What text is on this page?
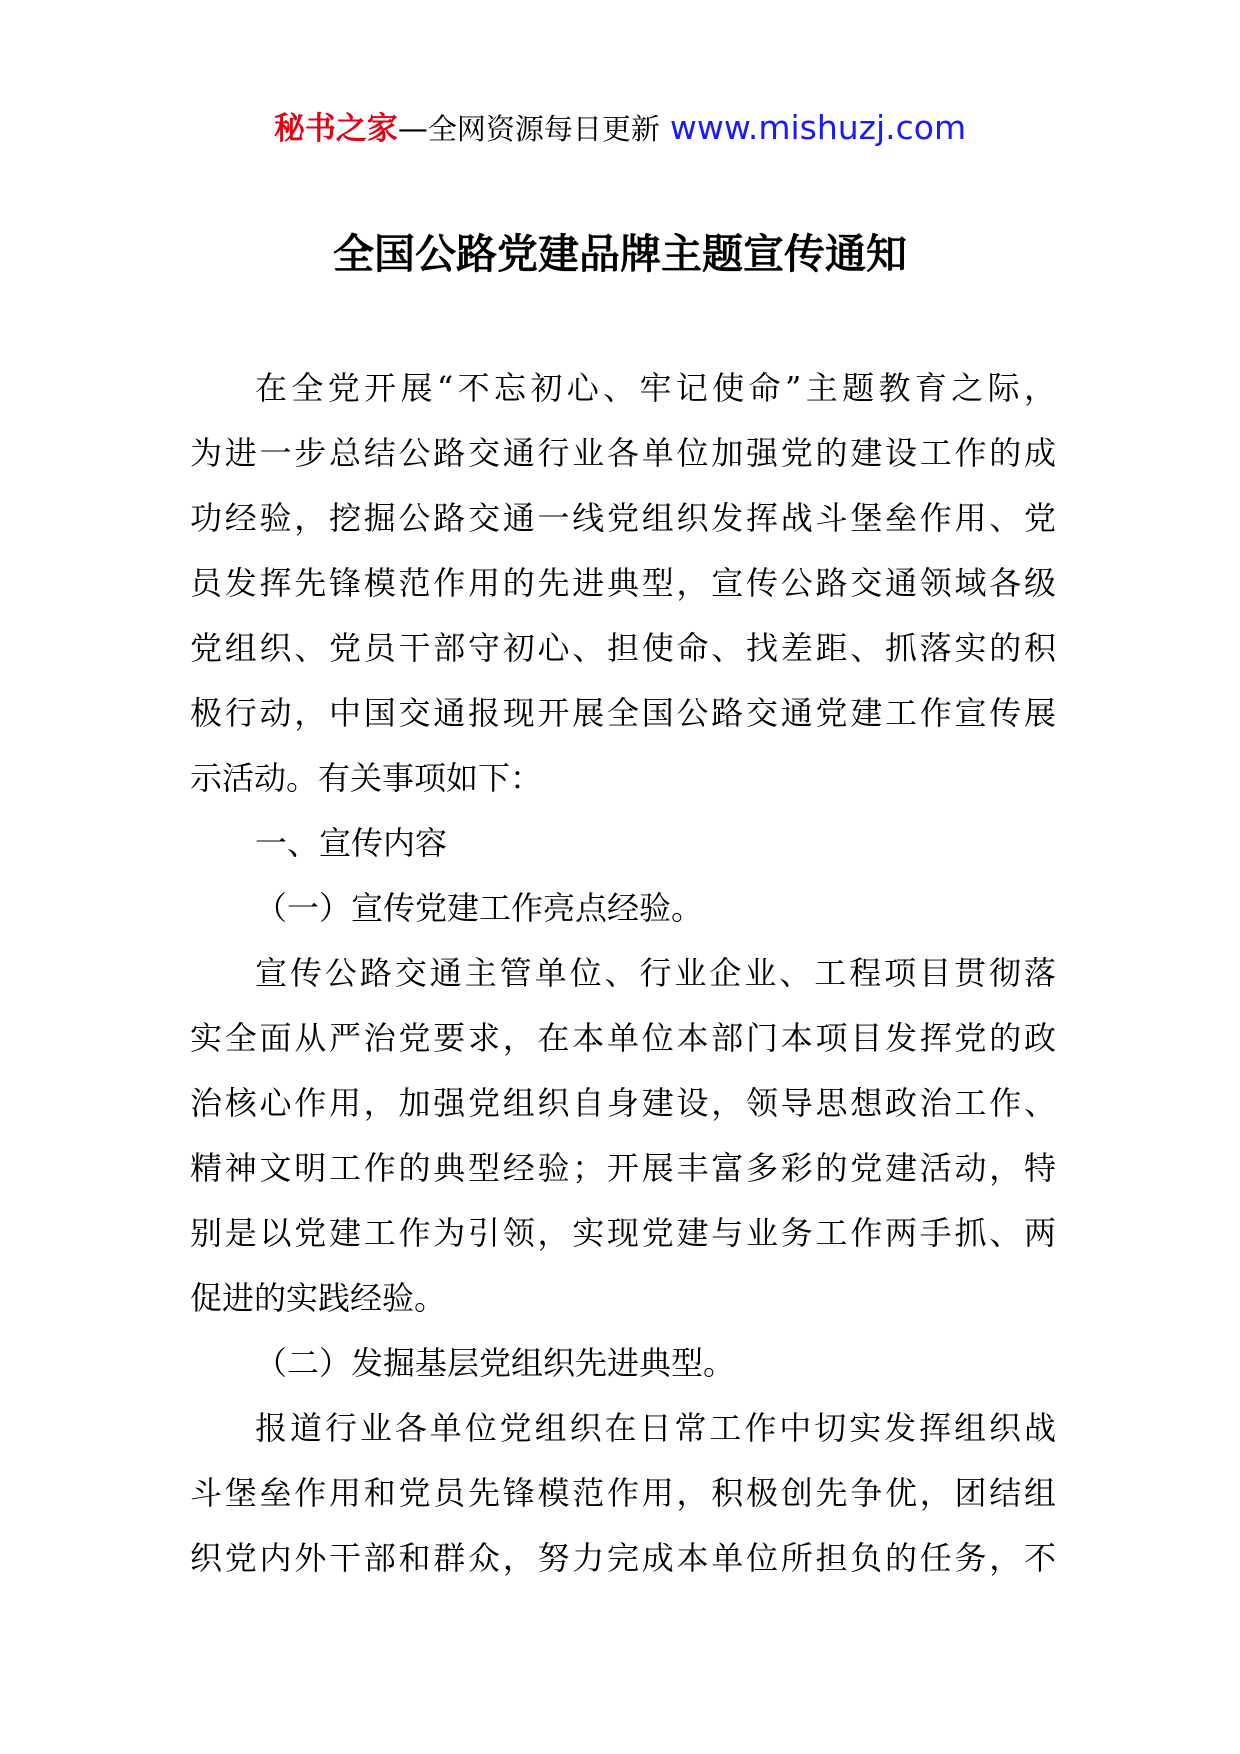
秘书之家—全网资源每日更新 www.mishuzj.com
全国公路党建品牌主题宣传通知
在全党开展“不忘初心、牢记使命”主题教育之际，
为进一步总结公路交通行业各单位加强党的建设工作的成
功经验，挖掘公路交通一线党组织发挥战斗堡垒作用、党
员发挥先锋模范作用的先进典型，宣传公路交通领域各级
党组织、党员干部守初心、担使命、找差距、抓落实的积
极行动，中国交通报现开展全国公路交通党建工作宣传展
示活动。有关事项如下：
一、宣传内容
（一）宣传党建工作亮点经验。
宣传公路交通主管单位、行业企业、工程项目贯彻落
实全面从严治党要求，在本单位本部门本项目发挥党的政
治核心作用，加强党组织自身建设，领导思想政治工作、
精神文明工作的典型经验；开展丰富多彩的党建活动，特
别是以党建工作为引领，实现党建与业务工作两手抓、两
促进的实践经验。
（二）发掘基层党组织先进典型。
报道行业各单位党组织在日常工作中切实发挥组织战
斗堡垒作用和党员先锋模范作用，积极创先争优，团结组
织党内外干部和群众，努力完成本单位所担负的任务，不
